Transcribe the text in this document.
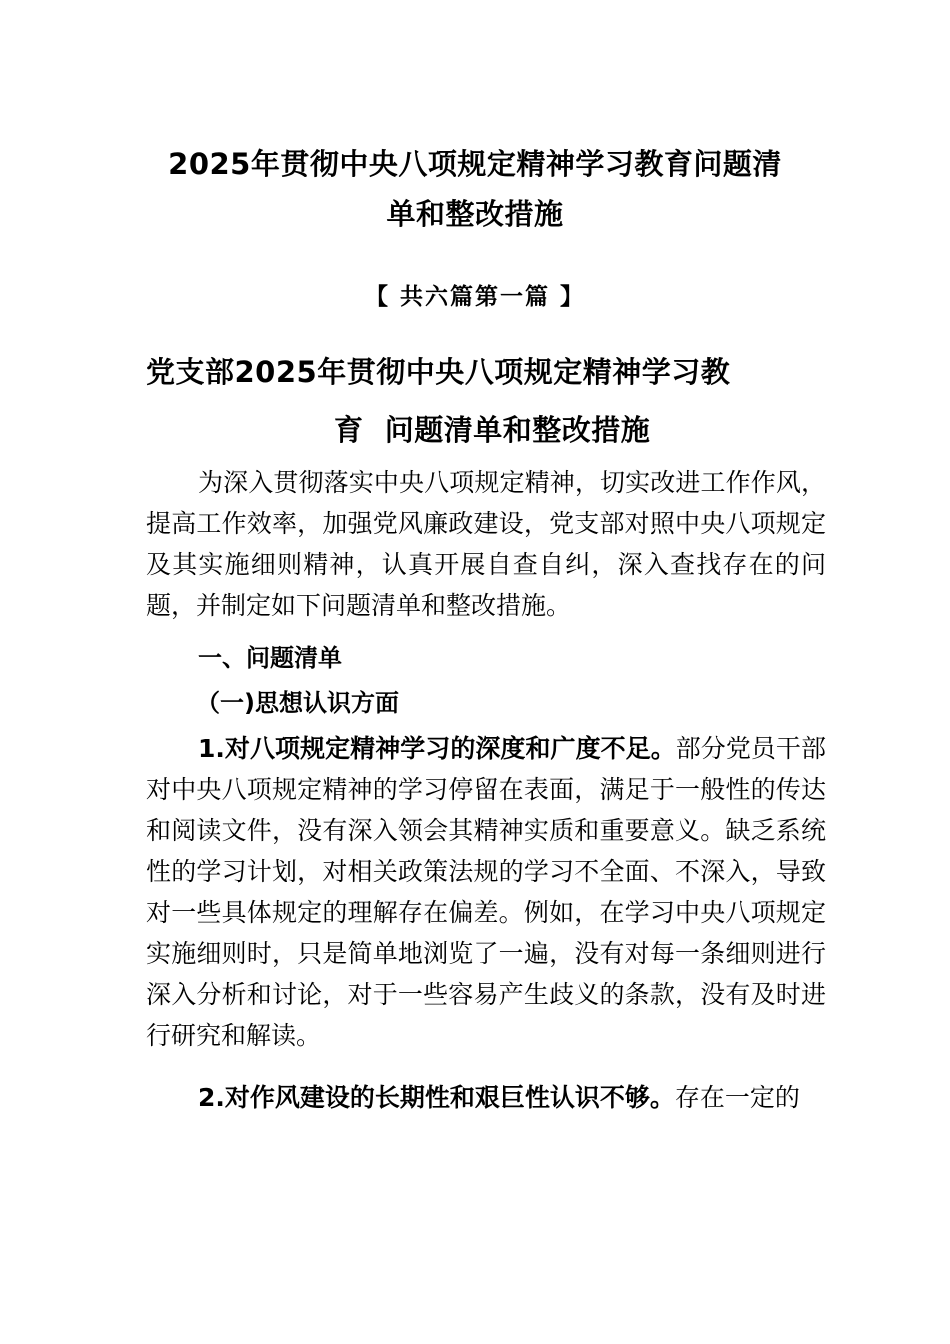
2025年贯彻中央八项规定精神学习教育问题清
单和整改措施
【 共六篇第一篇 】
党支部2025年贯彻中央八项规定精神学习教
育  问题清单和整改措施

为深入贯彻落实中央八项规定精神，切实改进工作作风，提高工作效率，加强党风廉政建设，党支部对照中央八项规定及其实施细则精神，认真开展自查自纠，深入查找存在的问题，并制定如下问题清单和整改措施。

一、问题清单
（一)思想认识方面

1.对八项规定精神学习的深度和广度不足。部分党员干部对中央八项规定精神的学习停留在表面，满足于一般性的传达和阅读文件，没有深入领会其精神实质和重要意义。缺乏系统性的学习计划，对相关政策法规的学习不全面、不深入，导致对一些具体规定的理解存在偏差。例如，在学习中央八项规定实施细则时，只是简单地浏览了一遍，没有对每一条细则进行深入分析和讨论，对于一些容易产生歧义的条款，没有及时进行研究和解读。

2.对作风建设的长期性和艰巨性认识不够。存在一定的
